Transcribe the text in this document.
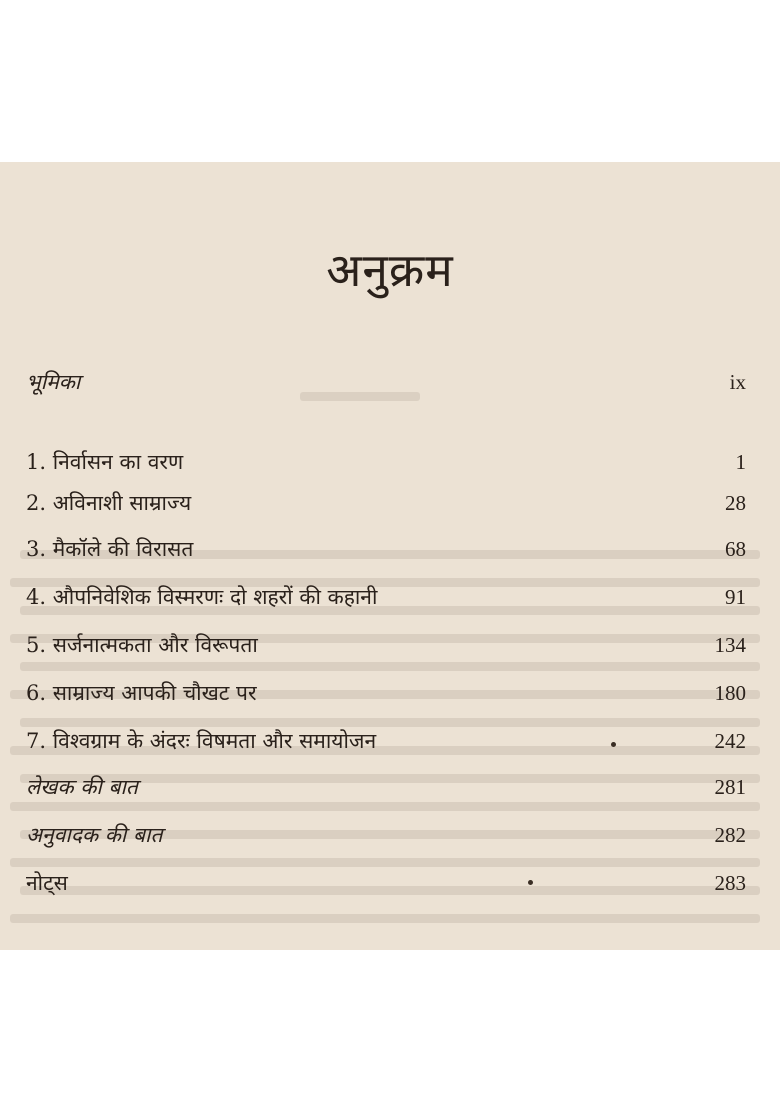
अनुक्रम
भूमिका	ix
1. निर्वासन का वरण	1
2. अविनाशी साम्राज्य	28
3. मैकॉले की विरासत	68
4. औपनिवेशिक विस्मरणः दो शहरों की कहानी	91
5. सर्जनात्मकता और विरूपता	134
6. साम्राज्य आपकी चौखट पर	180
7. विश्वग्राम के अंदरः विषमता और समायोजन	242
लेखक की बात	281
अनुवादक की बात	282
नोट्स	283
